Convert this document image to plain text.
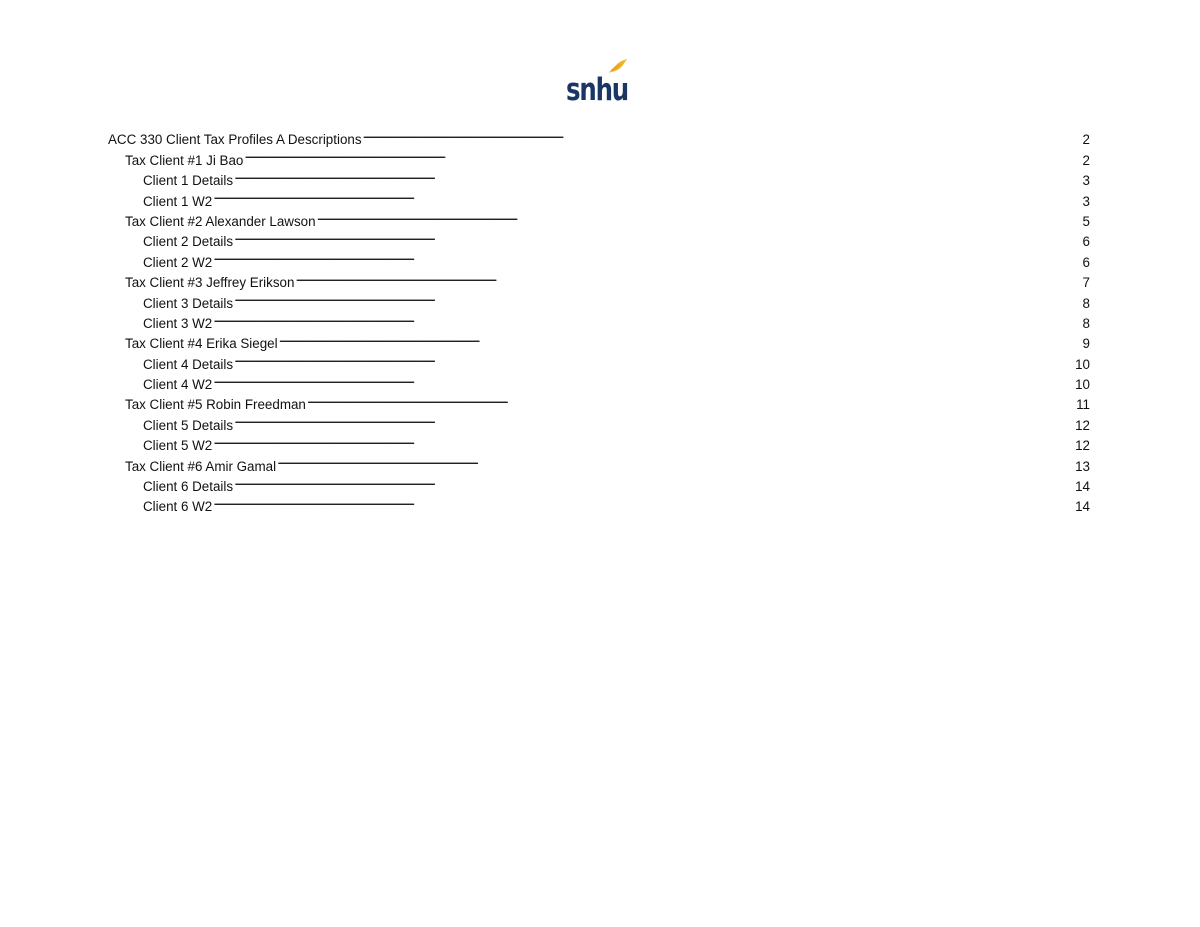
snhu
ACC 330 Client Tax Profiles A Descriptions . . .	2
Tax Client #1 Ji Bao . . .	2
Client 1 Details . . .	3
Client 1 W2 . . .	3
Tax Client #2 Alexander Lawson . . .	5
Client 2 Details . . .	6
Client 2 W2 . . .	6
Tax Client #3 Jeffrey Erikson . . .	7
Client 3 Details . . .	8
Client 3 W2 . . .	8
Tax Client #4 Erika Siegel . . .	9
Client 4 Details . . .	10
Client 4 W2 . . .	10
Tax Client #5 Robin Freedman . . .	11
Client 5 Details . . .	12
Client 5 W2 . . .	12
Tax Client #6 Amir Gamal . . .	13
Client 6 Details . . .	14
Client 6 W2 . . .	14
